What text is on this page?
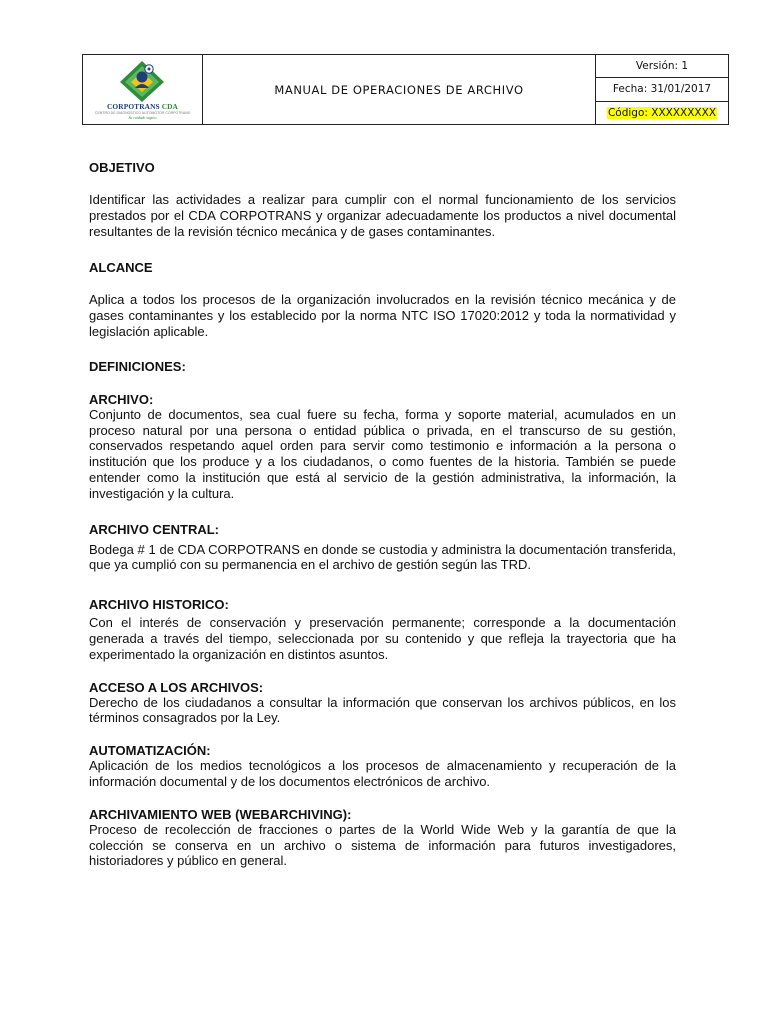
CORPOTRANS CDA
CENTRO DE DIAGNOSTICO AUTOMOTOR CORPOTRANS
Su cuidado seguro
MANUAL DE OPERACIONES DE ARCHIVO
Versión: 1
Fecha: 31/01/2017
Código: XXXXXXXXX

OBJETIVO

Identificar las actividades a realizar para cumplir con el normal funcionamiento de los servicios prestados por el CDA CORPOTRANS y organizar adecuadamente los productos a nivel documental resultantes de la revisión técnico mecánica y de gases contaminantes.

ALCANCE

Aplica a todos los procesos de la organización involucrados en la revisión técnico mecánica y de gases contaminantes y los establecido por la norma NTC ISO 17020:2012 y toda la normatividad y legislación aplicable.

DEFINICIONES:

ARCHIVO:

Conjunto de documentos, sea cual fuere su fecha, forma y soporte material, acumulados en un proceso natural por una persona o entidad pública o privada, en el transcurso de su gestión, conservados respetando aquel orden para servir como testimonio e información a la persona o institución que los produce y a los ciudadanos, o como fuentes de la historia. También se puede entender como la institución que está al servicio de la gestión administrativa, la información, la investigación y la cultura.

ARCHIVO CENTRAL:

Bodega # 1 de CDA CORPOTRANS en donde se custodia y administra la documentación transferida, que ya cumplió con su permanencia en el archivo de gestión según las TRD.

ARCHIVO HISTORICO:

Con el interés de conservación y preservación permanente; corresponde a la documentación generada a través del tiempo, seleccionada por su contenido y que refleja la trayectoria que ha experimentado la organización en distintos asuntos.

ACCESO A LOS ARCHIVOS:

Derecho de los ciudadanos a consultar la información que conservan los archivos públicos, en los términos consagrados por la Ley.

AUTOMATIZACIÓN:

Aplicación de los medios tecnológicos a los procesos de almacenamiento y recuperación de la información documental y de los documentos electrónicos de archivo.

ARCHIVAMIENTO WEB (WEBARCHIVING):

Proceso de recolección de fracciones o partes de la World Wide Web y la garantía de que la colección se conserva en un archivo o sistema de información para futuros investigadores, historiadores y público en general.
